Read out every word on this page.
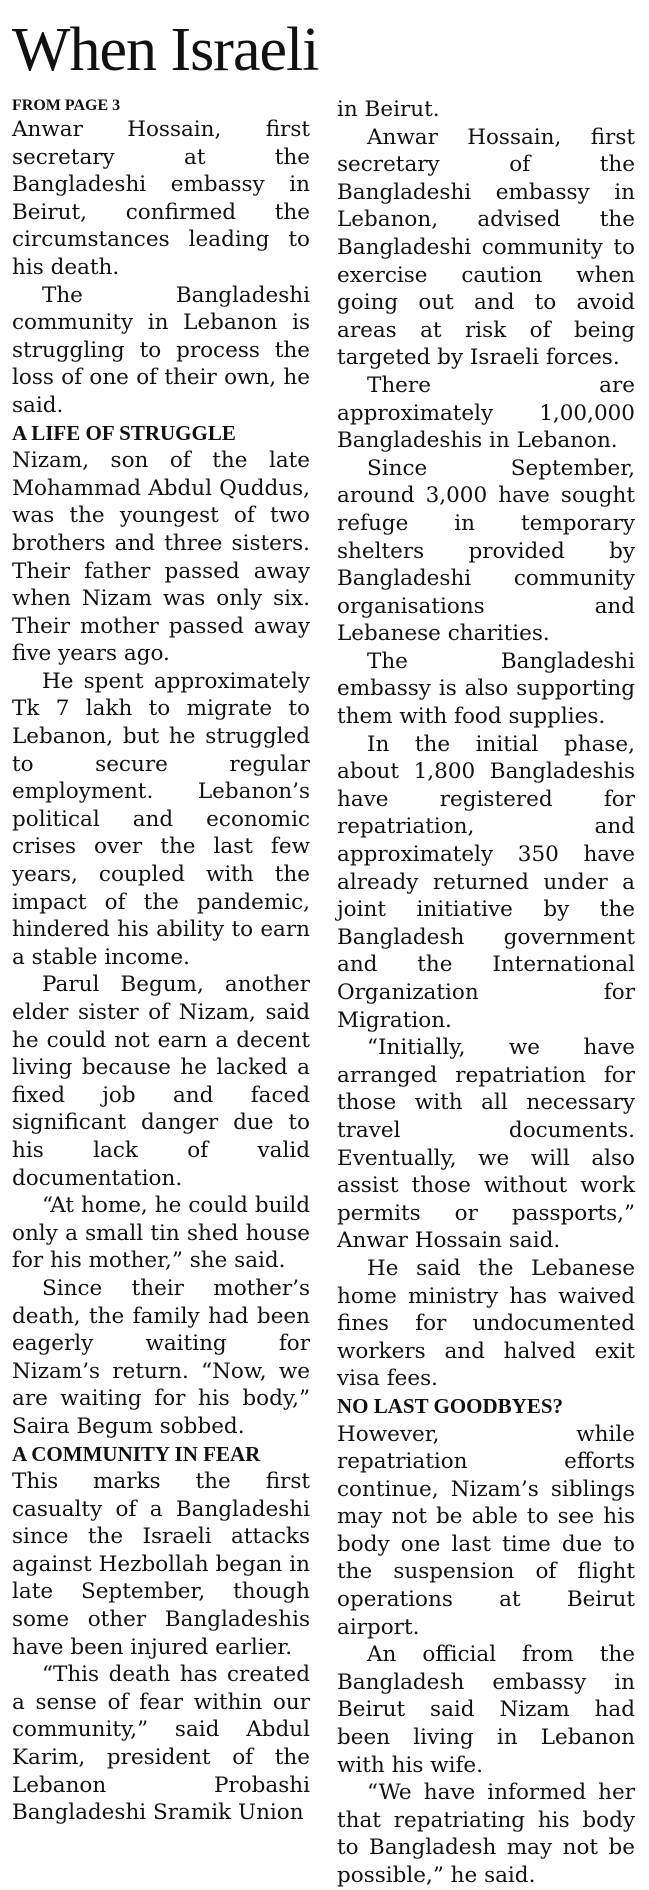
When Israeli
FROM PAGE 3

Anwar Hossain, first secretary at the Bangladeshi embassy in Beirut, confirmed the circumstances leading to his death.

The Bangladeshi community in Lebanon is struggling to process the loss of one of their own, he said.

A LIFE OF STRUGGLE

Nizam, son of the late Mohammad Abdul Quddus, was the youngest of two brothers and three sisters. Their father passed away when Nizam was only six. Their mother passed away five years ago.

He spent approximately Tk 7 lakh to migrate to Lebanon, but he struggled to secure regular employment. Lebanon’s political and economic crises over the last few years, coupled with the impact of the pandemic, hindered his ability to earn a stable income.

Parul Begum, another elder sister of Nizam, said he could not earn a decent living because he lacked a fixed job and faced significant danger due to his lack of valid documentation.

“At home, he could build only a small tin shed house for his mother,” she said.

Since their mother’s death, the family had been eagerly waiting for Nizam’s return. “Now, we are waiting for his body,” Saira Begum sobbed.

A COMMUNITY IN FEAR

This marks the first casualty of a Bangladeshi since the Israeli attacks against Hezbollah began in late September, though some other Bangladeshis have been injured earlier.

“This death has created a sense of fear within our community,” said Abdul Karim, president of the Lebanon Probashi Bangladeshi Sramik Union

in Beirut.

Anwar Hossain, first secretary of the Bangladeshi embassy in Lebanon, advised the Bangladeshi community to exercise caution when going out and to avoid areas at risk of being targeted by Israeli forces.

There are approximately 1,00,000 Bangladeshis in Lebanon.

Since September, around 3,000 have sought refuge in temporary shelters provided by Bangladeshi community organisations and Lebanese charities.

The Bangladeshi embassy is also supporting them with food supplies.

In the initial phase, about 1,800 Bangladeshis have registered for repatriation, and approximately 350 have already returned under a joint initiative by the Bangladesh government and the International Organization for Migration.

“Initially, we have arranged repatriation for those with all necessary travel documents. Eventually, we will also assist those without work permits or passports,” Anwar Hossain said.

He said the Lebanese home ministry has waived fines for undocumented workers and halved exit visa fees.

NO LAST GOODBYES?

However, while repatriation efforts continue, Nizam’s siblings may not be able to see his body one last time due to the suspension of flight operations at Beirut airport.

An official from the Bangladesh embassy in Beirut said Nizam had been living in Lebanon with his wife.

“We have informed her that repatriating his body to Bangladesh may not be possible,” he said.
